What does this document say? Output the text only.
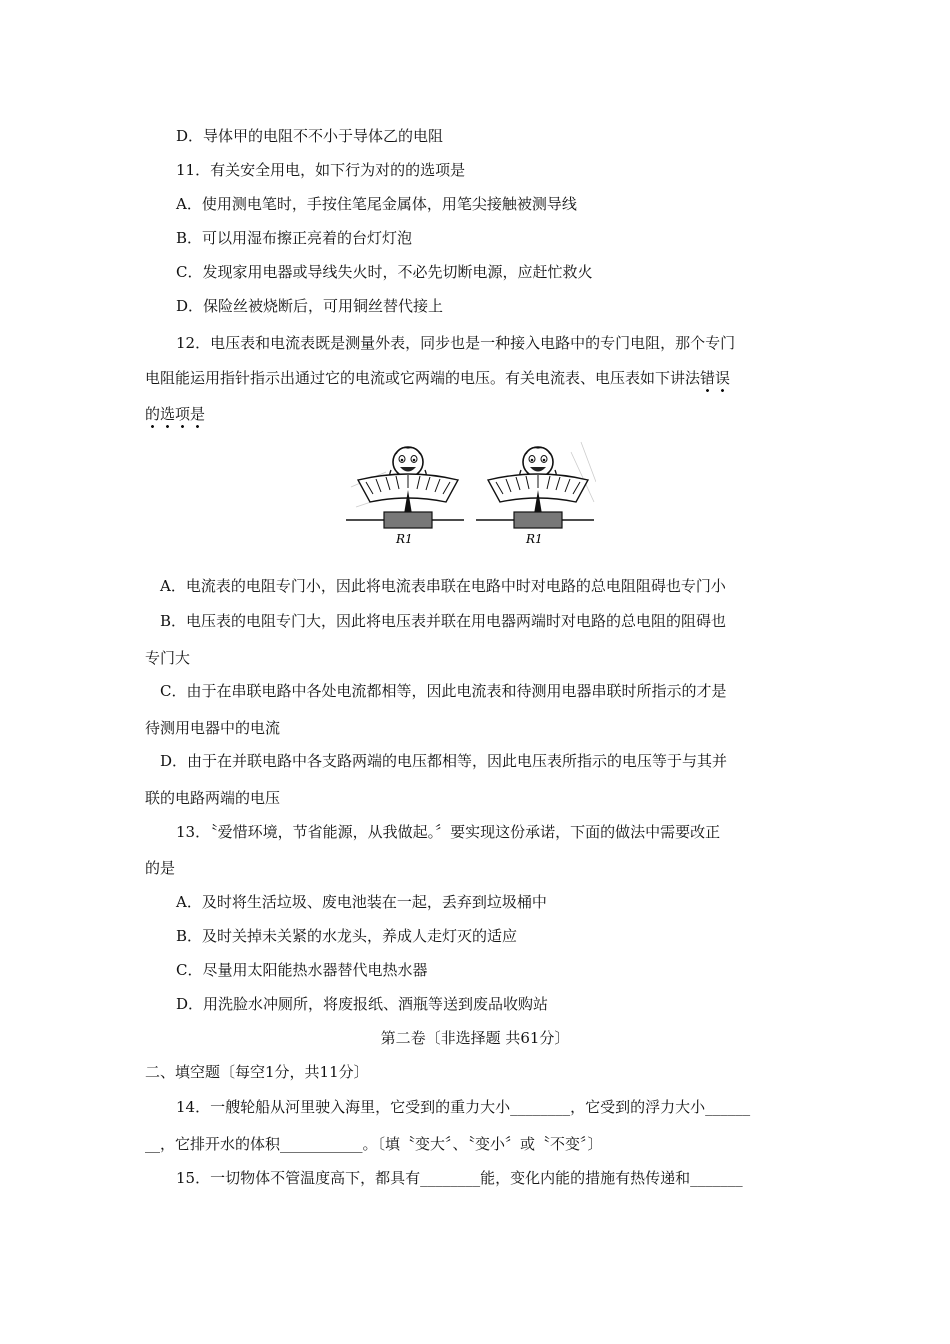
D．导体甲的电阻不不小于导体乙的电阻
11．有关安全用电，如下行为对的的选项是
A．使用测电笔时，手按住笔尾金属体，用笔尖接触被测导线
B．可以用湿布擦正亮着的台灯灯泡
C．发现家用电器或导线失火时，不必先切断电源，应赶忙救火
D．保险丝被烧断后，可用铜丝替代接上
12．电压表和电流表既是测量外表，同步也是一种接入电路中的专门电阻，那个专门
电阻能运用指针指示出通过它的电流或它两端的电压。有关电流表、电压表如下讲法错误
的选项是
R1	R1
A．电流表的电阻专门小，因此将电流表串联在电路中时对电路的总电阻阻碍也专门小
B．电压表的电阻专门大，因此将电压表并联在用电器两端时对电路的总电阻的阻碍也
专门大
C．由于在串联电路中各处电流都相等，因此电流表和待测用电器串联时所指示的才是
待测用电器中的电流
D．由于在并联电路中各支路两端的电压都相等，因此电压表所指示的电压等于与其并
联的电路两端的电压
13．〝爱惜环境，节省能源，从我做起。〞要实现这份承诺，下面的做法中需要改正
的是
A．及时将生活垃圾、废电池装在一起，丢弃到垃圾桶中
B．及时关掉未关紧的水龙头，养成人走灯灭的适应
C．尽量用太阳能热水器替代电热水器
D．用洗脸水冲厕所，将废报纸、酒瓶等送到废品收购站
第二卷〔非选择题 共61分〕
二、填空题〔每空1分，共11分〕
14．一艘轮船从河里驶入海里，它受到的重力大小________，它受到的浮力大小______
__，它排开水的体积___________。〔填〝变大〞、〝变小〞或〝不变〞〕
15．一切物体不管温度高下，都具有________能，变化内能的措施有热传递和_______
